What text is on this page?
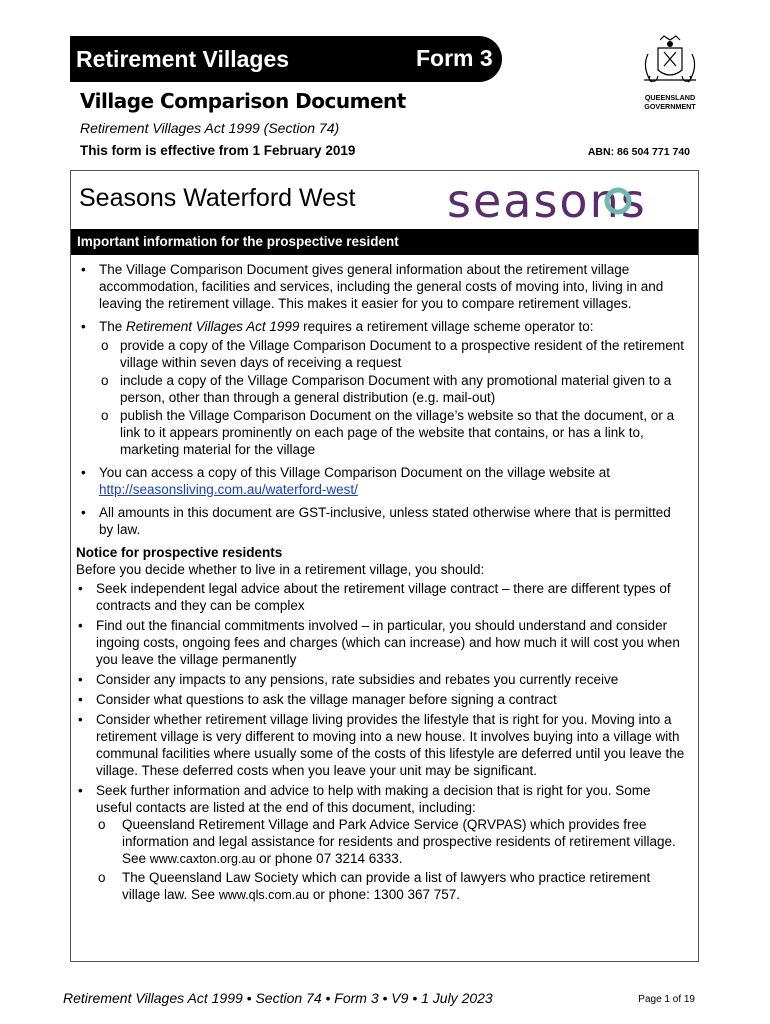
Retirement Villages	Form 3
QUEENSLAND
GOVERNMENT
Village Comparison Document
Retirement Villages Act 1999 (Section 74)
This form is effective from 1 February 2019	ABN: 86 504 771 740
Seasons Waterford West seasons
Important information for the prospective resident
• The Village Comparison Document gives general information about the retirement village accommodation, facilities and services, including the general costs of moving into, living in and leaving the retirement village. This makes it easier for you to compare retirement villages.
• The Retirement Villages Act 1999 requires a retirement village scheme operator to:
o provide a copy of the Village Comparison Document to a prospective resident of the retirement village within seven days of receiving a request
o include a copy of the Village Comparison Document with any promotional material given to a person, other than through a general distribution (e.g. mail-out)
o publish the Village Comparison Document on the village’s website so that the document, or a link to it appears prominently on each page of the website that contains, or has a link to, marketing material for the village
• You can access a copy of this Village Comparison Document on the village website at
http://seasonsliving.com.au/waterford-west/
• All amounts in this document are GST-inclusive, unless stated otherwise where that is permitted by law.
Notice for prospective residents
Before you decide whether to live in a retirement village, you should:
• Seek independent legal advice about the retirement village contract – there are different types of contracts and they can be complex
• Find out the financial commitments involved – in particular, you should understand and consider ingoing costs, ongoing fees and charges (which can increase) and how much it will cost you when you leave the village permanently
• Consider any impacts to any pensions, rate subsidies and rebates you currently receive
• Consider what questions to ask the village manager before signing a contract
• Consider whether retirement village living provides the lifestyle that is right for you. Moving into a retirement village is very different to moving into a new house. It involves buying into a village with communal facilities where usually some of the costs of this lifestyle are deferred until you leave the village. These deferred costs when you leave your unit may be significant.
• Seek further information and advice to help with making a decision that is right for you. Some useful contacts are listed at the end of this document, including:
o Queensland Retirement Village and Park Advice Service (QRVPAS) which provides free information and legal assistance for residents and prospective residents of retirement village. See www.caxton.org.au or phone 07 3214 6333.
o The Queensland Law Society which can provide a list of lawyers who practice retirement village law. See www.qls.com.au or phone: 1300 367 757.
Retirement Villages Act 1999 • Section 74 • Form 3 • V9 • 1 July 2023	Page 1 of 19
